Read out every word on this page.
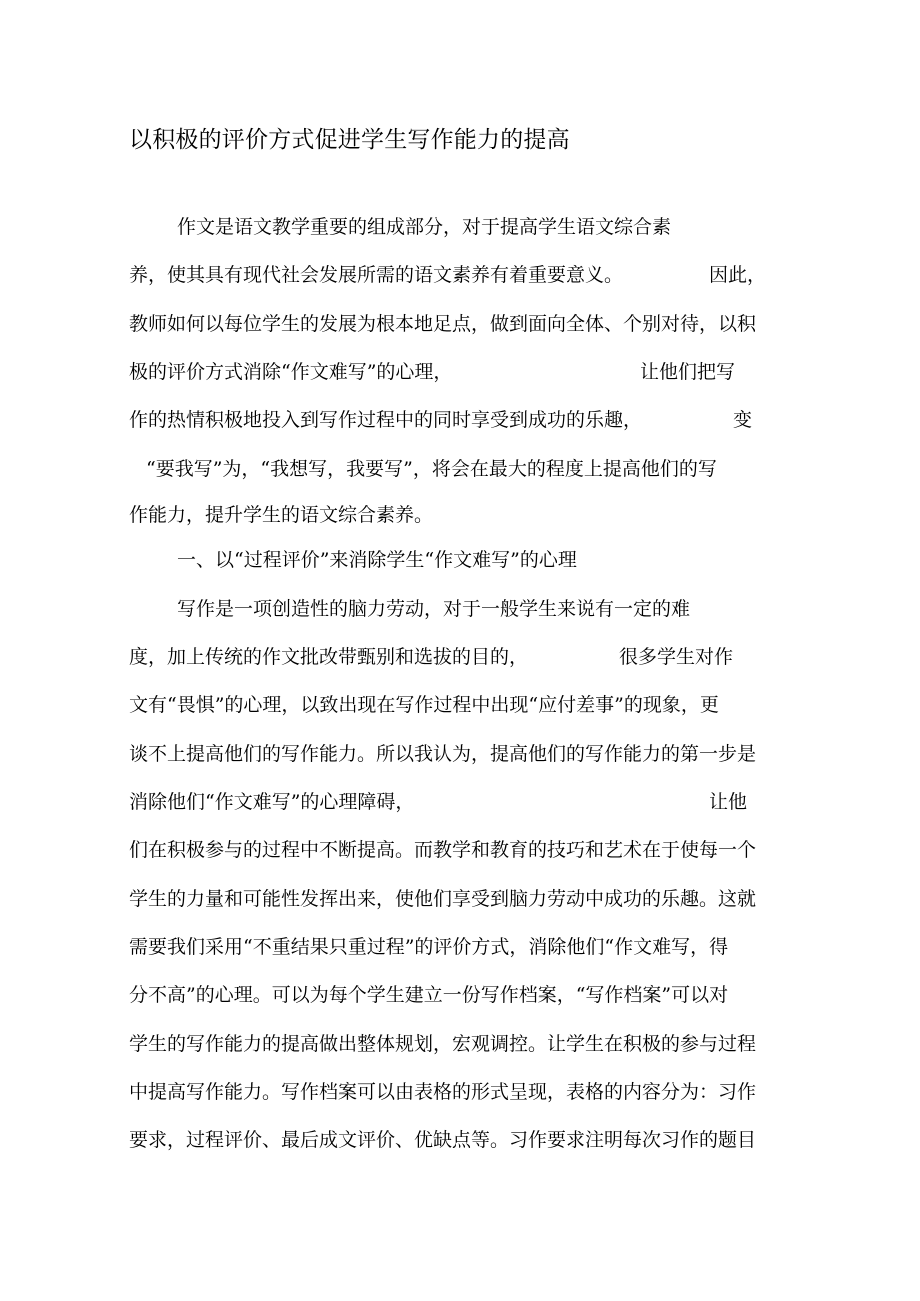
以积极的评价方式促进学生写作能力的提高
作文是语文教学重要的组成部分，对于提高学生语文综合素
养，使其具有现代社会发展所需的语文素养有着重要意义。	因此，
教师如何以每位学生的发展为根本地足点，做到面向全体、个别对待，以积
极的评价方式消除“作文难写”的心理，	让他们把写
作的热情积极地投入到写作过程中的同时享受到成功的乐趣，	变
“要我写”为，“我想写，我要写”，将会在最大的程度上提高他们的写
作能力，提升学生的语文综合素养。
一、以“过程评价”来消除学生“作文难写”的心理
写作是一项创造性的脑力劳动，对于一般学生来说有一定的难
度，加上传统的作文批改带甄别和选拔的目的，	很多学生对作
文有“畏惧”的心理，以致出现在写作过程中出现“应付差事”的现象，更
谈不上提高他们的写作能力。所以我认为，提高他们的写作能力的第一步是
消除他们“作文难写”的心理障碍，	让他
们在积极参与的过程中不断提高。而教学和教育的技巧和艺术在于使每一个
学生的力量和可能性发挥出来，使他们享受到脑力劳动中成功的乐趣。这就
需要我们采用“不重结果只重过程”的评价方式，消除他们“作文难写，得
分不高”的心理。可以为每个学生建立一份写作档案，“写作档案”可以对
学生的写作能力的提高做出整体规划，宏观调控。让学生在积极的参与过程
中提高写作能力。写作档案可以由表格的形式呈现，表格的内容分为：习作
要求，过程评价、最后成文评价、优缺点等。习作要求注明每次习作的题目
